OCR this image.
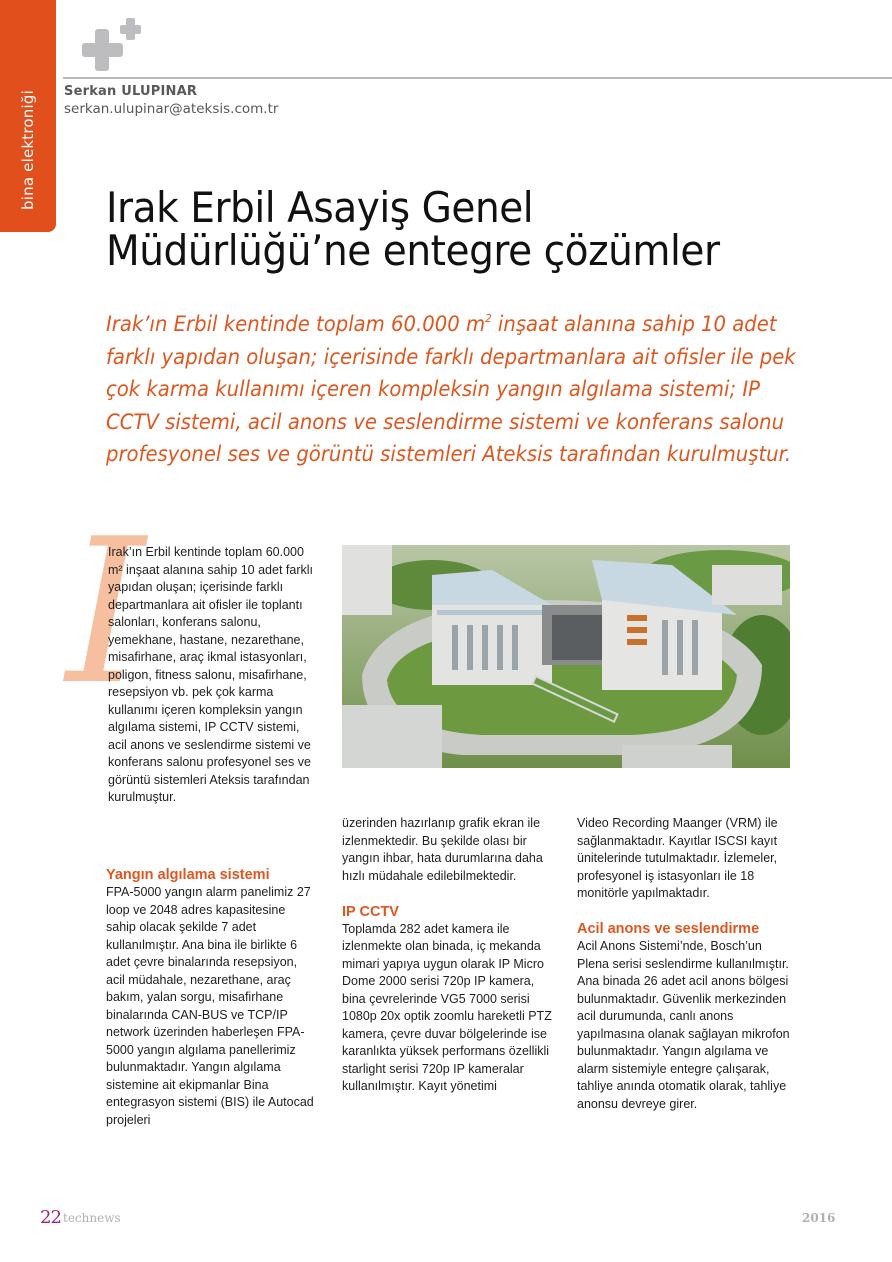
bina elektroniği Serkan ULUPINAR
serkan.ulupinar@ateksis.com.tr
Irak Erbil Asayiş Genel
Müdürlüğü’ne entegre çözümler
Irak’ın Erbil kentinde toplam 60.000 $m^2$ inşaat alanına sahip 10 adet farklı yapıdan oluşan; içerisinde farklı departmanlara ait ofisler ile pek çok karma kullanımı içeren kompleksin yangın algılama sistemi; IP CCTV sistemi, acil anons ve seslendirme sistemi ve konferans salonu profesyonel ses ve görüntü sistemleri Ateksis tarafından kurulmuştur.
I

Irak’ın Erbil kentinde toplam 60.000 m² inşaat alanına sahip 10 adet farklı yapıdan oluşan; içerisinde farklı departmanlara ait ofisler ile toplantı salonları, konferans salonu, yemekhane, hastane, nezarethane, misafirhane, araç ikmal istasyonları, poligon, fitness salonu, misafirhane, resepsiyon vb. pek çok karma kullanımı içeren kompleksin yangın algılama sistemi, IP CCTV sistemi, acil anons ve seslendirme sistemi ve konferans salonu profesyonel ses ve görüntü sistemleri Ateksis tarafından kurulmuştur.

Yangın algılama sistemi

FPA-5000 yangın alarm panelimiz 27 loop ve 2048 adres kapasitesine sahip olacak şekilde 7 adet kullanılmıştır. Ana bina ile birlikte 6 adet çevre binalarında resepsiyon, acil müdahale, nezarethane, araç bakım, yalan sorgu, misafirhane binalarında CAN-BUS ve TCP/IP network üzerinden haberleşen FPA-5000 yangın algılama panellerimiz bulunmaktadır. Yangın algılama sistemine ait ekipmanlar Bina entegrasyon sistemi (BIS) ile Autocad projeleri

üzerinden hazırlanıp grafik ekran ile izlenmektedir. Bu şekilde olası bir yangın ihbar, hata durumlarına daha hızlı müdahale edilebilmektedir.

IP CCTV

Toplamda 282 adet kamera ile izlenmekte olan binada, iç mekanda mimari yapıya uygun olarak IP Micro Dome 2000 serisi 720p IP kamera, bina çevrelerinde VG5 7000 serisi 1080p 20x optik zoomlu hareketli PTZ kamera, çevre duvar bölgelerinde ise karanlıkta yüksek performans özellikli starlight serisi 720p IP kameralar kullanılmıştır. Kayıt yönetimi

Video Recording Maanger (VRM) ile sağlanmaktadır. Kayıtlar ISCSI kayıt ünitelerinde tutulmaktadır. İzlemeler, profesyonel iş istasyonları ile 18 monitörle yapılmaktadır.

Acil anons ve seslendirme

Acil Anons Sistemi’nde, Bosch’un Plena serisi seslendirme kullanılmıştır. Ana binada 26 adet acil anons bölgesi bulunmaktadır. Güvenlik merkezinden acil durumunda, canlı anons yapılmasına olanak sağlayan mikrofon bulunmaktadır. Yangın algılama ve alarm sistemiyle entegre çalışarak, tahliye anında otomatik olarak, tahliye anonsu devreye girer.

22 technews	2016
